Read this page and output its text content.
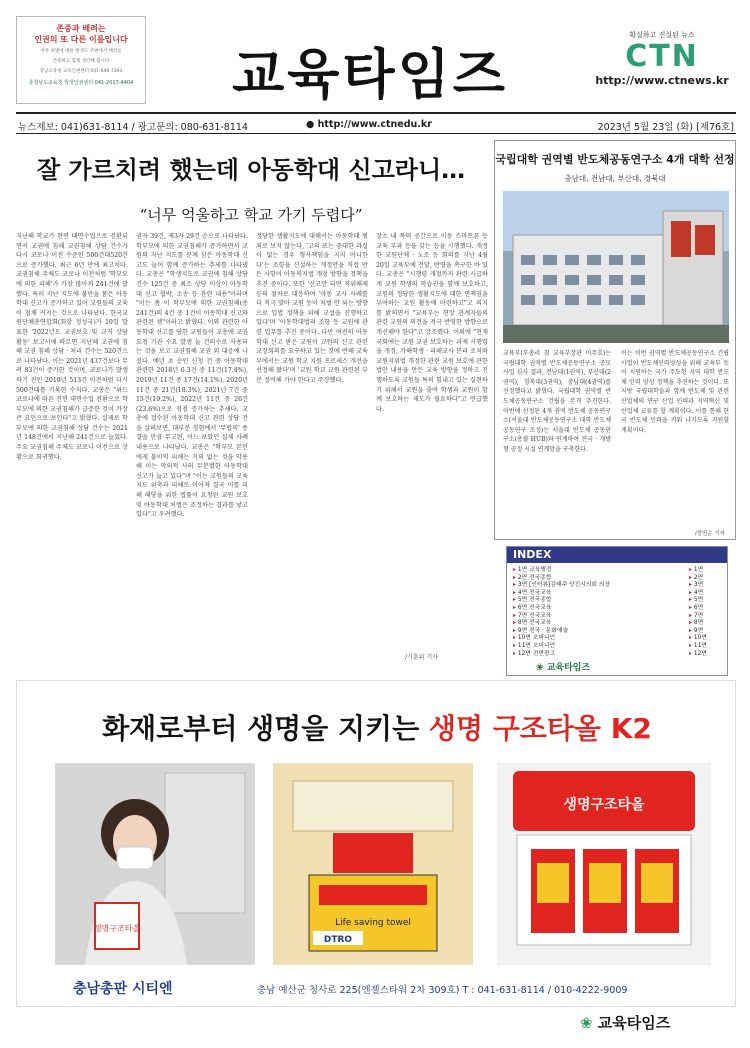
존중과 배려는
인권의 또 다른 이름입니다
아무 차별에 대한 발생도 주변에서 배려를
존중하고 함께 생각해 봅시다
충남교육청 교육인권센터 041-640-7393
충청남도교육청 학생인권센터 041-2017-4404	교육타임즈
확실하고 진실된 뉴스
CTN
http://www.ctnews.kr
뉴스제보: 041)631-8114 / 광고문의: 080-631-8114	● http://www.ctnedu.kr	2023년 5월 23일 (화) [제76호]
잘 가르치려 했는데 아동학대 신고라니…
“너무 억울하고 학교 가기 두렵다”
지난해 학교가 현면 대면수업으로 전환되면서 교권에 침해 교권침해 상담 건수가 다시 코로나 이전 수준인 500건대520건으로 증가했다. 최근 6년 만에 최고치다. 교권침해 주체도 코로나 이전처럼 '학부모에 의한 피해'가 가장 많아져 241건에 달했다. 특히 지난 지도에 불만을 품은 아동학대 신고가 증가하고 있어 교원들의 교육이 침체 커지는 것으로 나타났다. 한국교원단체총연합회(회장 정성국)가 10일 발표한 '2022년도 교권보호 및 교직 상담 활동' 보고서에 따르면 지난해 교권에 침해 교권 침해 상담 · 처리 건수는 520건으로 나타났다. 이는 2021년 437건보다 무려 83건이 증가한 것이며, 코로나가 발생하기 전인 2019년 513건 이전처럼 다시 500건대를 기록한 수치다. 교총은 "위드코로나에 따른 전면 대면수업 전환으로 학부모에 의한 교권침해가 급증한 것이 가장 큰 요인으로 보인다"고 밝혔다. 실제로 학부모에 의한 교권침해 상담 건수는 2021년 148건에서 지난해 241건으로 늘었다. 주요 교권침해 주체도 코로나 이전으로 상황으로 회귀했다.
권자 39건, 제3자 29건 순으로 나타났다. 학부모에 의한 교권침해가 증가하면서 교원의 지난 지도를 문제 삼은 아동학대 신고도 늘어 함께 증가하는 추세를 나타냈다. 교총은 "학생지도로 교권에 침해 상담 건수 125건 중 최소 상당 이상이 아동학대 신고 협박, 소송 등 관련 내용"이라며 "이는 좀 이 학부모에 의한 교권침해(총 241건)의 4건 중 1건이 아동학대 신고와 관련된 셈"이라고 밝혔다. 이와 관련한 아동학대 신고를 당한 교원들이 교총에 교권요청 기관 수요 발생 늘 건의수로 사용되는 것을 보고 교권침해 교권 외 대응에 나섰다. 예년 초 순인 신청 건 중 아동학대 관련한 2018년 6.3건 중 11건(17.4%), 2019년 11건 중 17건(14.1%), 2020년 11건 중 21건(18.3%), 2021년 7건 중 15건(19.2%), 2022년 11건 중 26건(23.6%)으로 점점 증가하는 추세다. 교총에 접수된 아동학대 신고 관련 상담 건을 살펴보면, 대부분 경험에서 '무렵의' 종결을 만큼 무고된, 어느 보았던 실제 사례 내용으로 나타났다. 교총은 "학부모 본인에게 불이익 피해는 거의 없는 것을 악용해 이는 악의적 사의 무분별한 아동학대 신고가 늘고 있다"며 "이는 교원들의 교육지도 위축과 피해로 이어져 결국 이를 피해 해당을 위한 법률이 요청된 교원 보호 및 아동학대 처벌은 조정하는 결과를 낳고 있다"고 우려했다.
정당한 생활지도에 대해서는 아동학대 범죄로 보지 않는다, '고의 또는 중대한 과실이 없는 경우 형사책임을 지지 아니한다'는 조항을 신설하는 개정안을 직접 만든 사항이 아동복지법 개정 방향을 정책을 추진 중이다. 또한 '신고만 되면 직위해제 등의 절차로 대응하여 '아동 교사 사례를 더 적극 맞아 교원 등이 처벌 안 되는 방향으로 입법 정책을 위해 교섭을 진행하고 있다'며 '아동학대법의 조항 등 교원에 관련 업무를 추진 중이다. 다만 여전히 아동학대 신고 받은 교원이 교원의 신고 관련 교장회의를 요구하고 있는 것에 반해 교육부에서는 교원 학교 지원 프로세스 개선을 선정해 왔다'며 '교원 학교 교원 관련된 부분 정비해 가야 한다고 주장했다.
장소 내 폭력 공간으로 이동 스마트폰 등 교육 부과 등을 갖는 등을 시행했다. 개정한 교원단체 · 노조 등 회의를 지난 4월 20일 교육부에 전달, 반영을 촉구한 바 있다. 교총은 "시행령 개정까지 관련 시급하게 교원 학생의 학습권을 함께 보호하고, 교원의 정당한 생활지도에 대한 면책권을 부여하는 교원 활동에 마련하고"고 의지를 밝히면서 "교육부는 현장 관계자들의 관련 교원의 의견을 적극 반영한 방향으로 개선해야 한다"고 강조했다. 이외에 "현재 국회에는 교원 교권 보호하는 과제 시행령을 개정, 가해학생 · 피해교사 분리 조치와 교원지위법 개정한 관련 교원 보호에 관한 법안 내용을 만든 교육 방향을 정하고 진행하도록 교원들 특히 힘내고 있는 실현하기 위해서 교원을 줄여 학생과 교원이 함께 보호하는 제도가 필요하다"고 언급했다.
/기훈위 기자
국립대학 권역별 반도체공동연구소 4개 대학 선정
충남대, 전남대, 부산대, 경북대
교육부(부총리 겸 교육부장관 이주호)는 국립대학 권역별 반도체공동연구소 공모사업 심사 결과, 전남대(1권역), 부산대(2권역), 경북대(3권역), 충남대(4권역)를 선정했다고 밝혔다. 국립대학 권역별 반도체공동연구소 건립을 본격 추진한다. 이번에 선정된 4개 권역 반도체 공동연구소(서울대 반도체공동연구소 대학 반도체 공동연구 조성)는 서울대 반도체 공동연구소(총괄 HUB)와 연계하여 전국 · 개방형 공정 시설 연계망을 구축한다.
이는 이번 권역별 반도체공동연구소 건립사업이 반도체인력양성을 위해 교육부 등이 지원하는 국가 주도형 지역 대학 반도체 인력 양성 정책을 추진하는 것이다. 또 지방 국립대학들과 함께 반도체 및 관련 산업체의 연구 산업 인력과 지역혁신 및 산업체 교류를 할 계획이다. 이를 통해 한국 반도체 인력을 키워 나가도록 지원할 계획이다.
/정민순 기자
INDEX
▸ 1면 교육행정	▸ 1면
▸ 2면 전국종합	▸ 2면
▸ 3면 [인터뷰]김태주 당진시의회 의장	▸ 3면
▸ 4면 전국교육	▸ 4면
▸ 5면 전국종합	▸ 5면
▸ 6면 전국교육	▸ 6면
▸ 7면 전국교육	▸ 7면
▸ 8면 전국교육	▸ 8면
▸ 9면 전국 · 문화예술	▸ 9면
▸ 10면 오피니언	▸ 10면
▸ 11면 오피니언	▸ 11면
▸ 12면 전면광고	▸ 12면
❀ 교육타임즈
화재로부터 생명을 지키는 생명 구조타올 K2
생명구조타올
Life saving towel
DTRO
생명구조타올
충남총판 시티엔	충남 예산군 청사로 225(엔젤스타워 2차 309호) T : 041-631-8114 / 010-4222-9009
❀ 교육타임즈
